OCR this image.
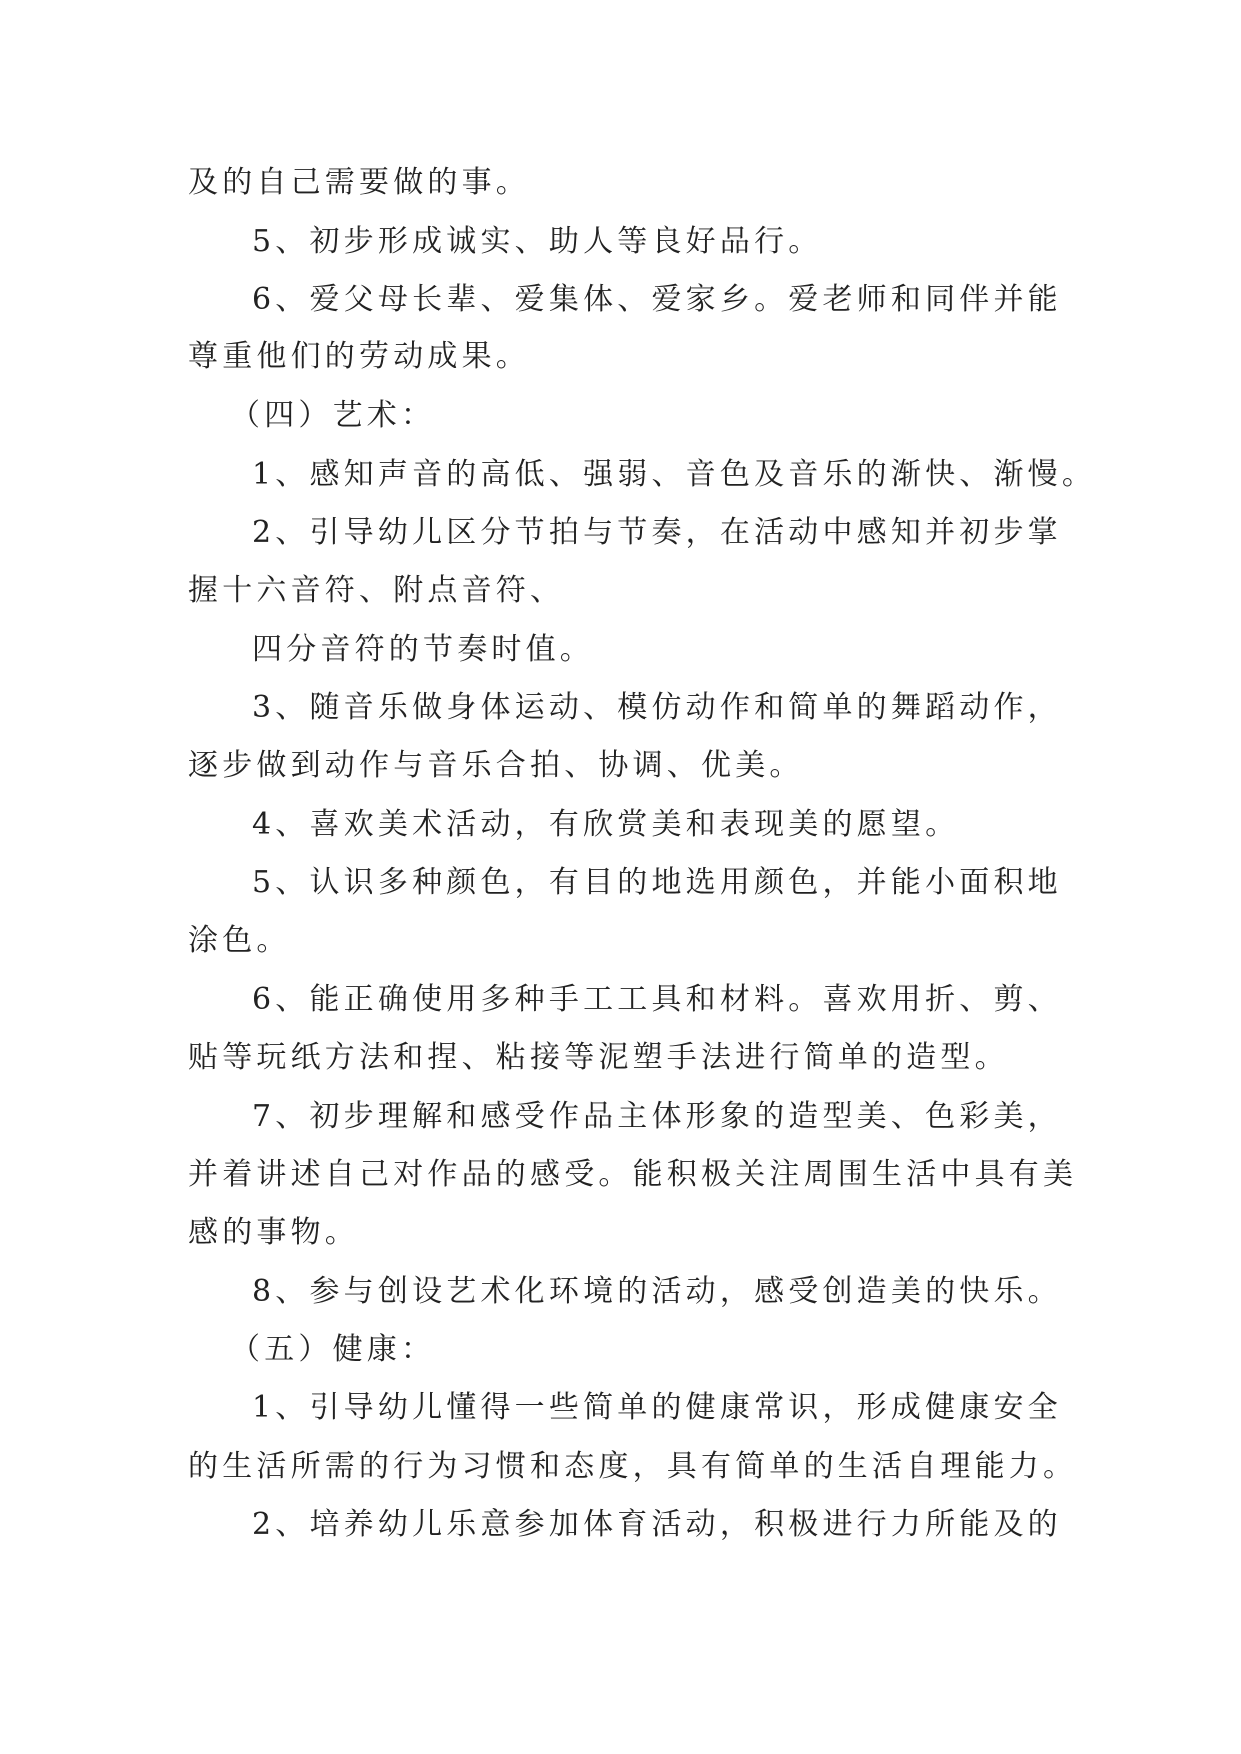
及的自己需要做的事。

5、初步形成诚实、助人等良好品行。

6、爱父母长辈、爱集体、爱家乡。爱老师和同伴并能

尊重他们的劳动成果。

（四）艺术：

1、感知声音的高低、强弱、音色及音乐的渐快、渐慢。

2、引导幼儿区分节拍与节奏，在活动中感知并初步掌

握十六音符、附点音符、

四分音符的节奏时值。

3、随音乐做身体运动、模仿动作和简单的舞蹈动作，

逐步做到动作与音乐合拍、协调、优美。

4、喜欢美术活动，有欣赏美和表现美的愿望。

5、认识多种颜色，有目的地选用颜色，并能小面积地

涂色。

6、能正确使用多种手工工具和材料。喜欢用折、剪、

贴等玩纸方法和捏、粘接等泥塑手法进行简单的造型。

7、初步理解和感受作品主体形象的造型美、色彩美，

并着讲述自己对作品的感受。能积极关注周围生活中具有美

感的事物。

8、参与创设艺术化环境的活动，感受创造美的快乐。

（五）健康：

1、引导幼儿懂得一些简单的健康常识，形成健康安全

的生活所需的行为习惯和态度，具有简单的生活自理能力。

2、培养幼儿乐意参加体育活动，积极进行力所能及的
